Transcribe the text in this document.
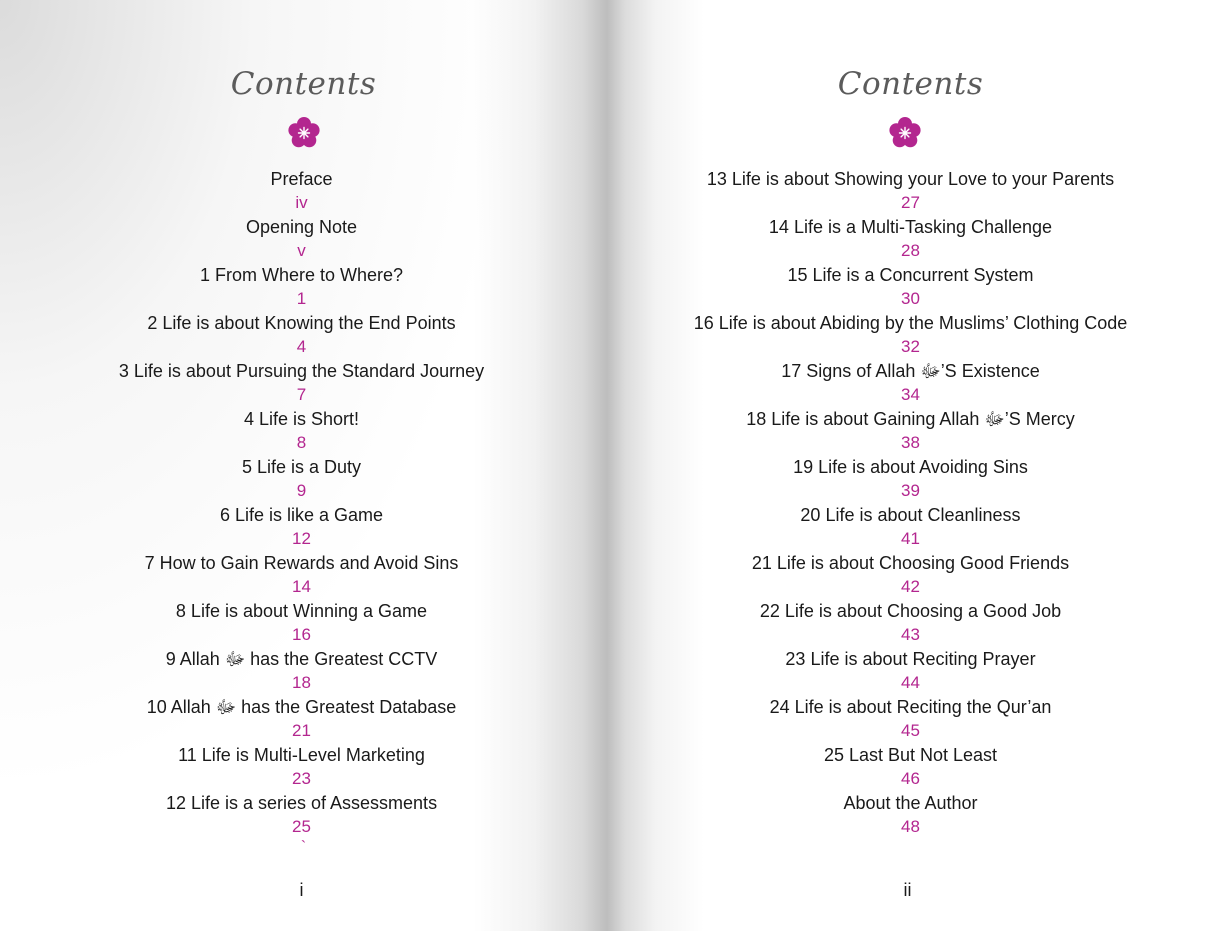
Contents
Preface
iv
Opening Note
v
1 From Where to Where?
1
2 Life is about Knowing the End Points
4
3 Life is about Pursuing the Standard Journey
7
4 Life is Short!
8
5 Life is a Duty
9
6 Life is like a Game
12
7 How to Gain Rewards and Avoid Sins
14
8 Life is about Winning a Game
16
9 Allah ﷻ has the Greatest CCTV
18
10 Allah ﷻ has the Greatest Database
21
11 Life is Multi-Level Marketing
23
12 Life is a series of Assessments
25
`
i
Contents
13 Life is about Showing your Love to your Parents
27
14 Life is a Multi-Tasking Challenge
28
15 Life is a Concurrent System
30
16 Life is about Abiding by the Muslims’ Clothing Code
32
17 Signs of Allah ﷻ’S Existence
34
18 Life is about Gaining Allah ﷻ’S Mercy
38
19 Life is about Avoiding Sins
39
20 Life is about Cleanliness
41
21 Life is about Choosing Good Friends
42
22 Life is about Choosing a Good Job
43
23 Life is about Reciting Prayer
44
24 Life is about Reciting the Qur’an
45
25 Last But Not Least
46
About the Author
48
ii
